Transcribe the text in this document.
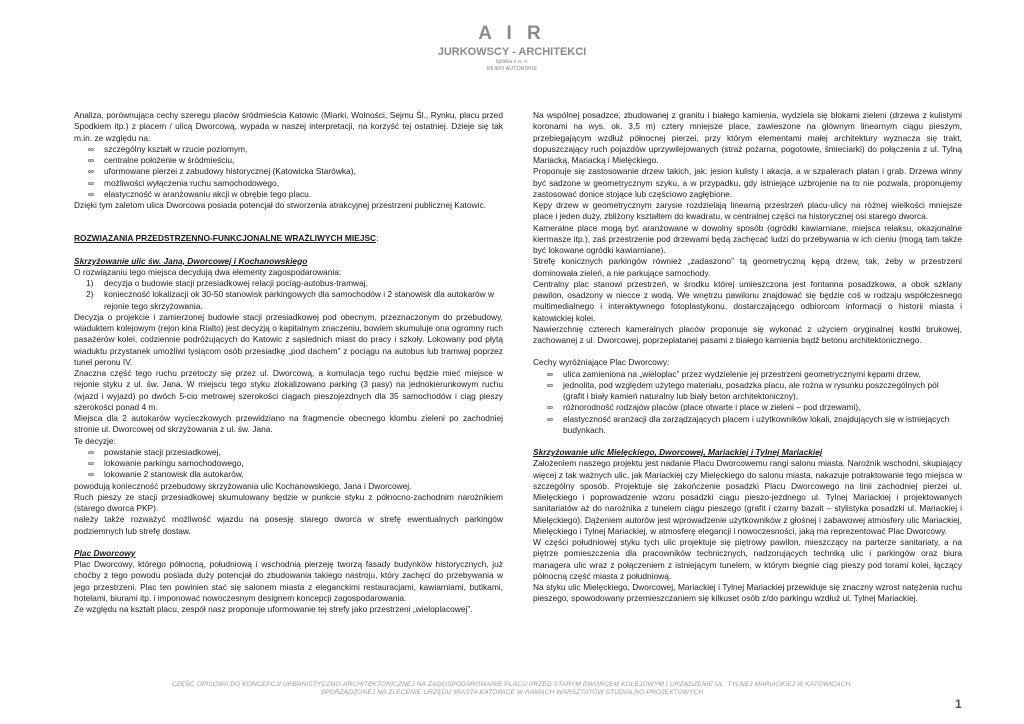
A I R
JURKOWSCY - ARCHITEKCI
Spółka z o. o.
BIURO AUTORSKIE

Analiza, porównująca cechy szeregu placów śródmieścia Katowic (Miarki, Wolności, Sejmu Śl., Rynku, placu przed Spodkiem itp.) z placem / ulicą Dworcową, wypada w naszej interpretacji, na korzyść tej ostatniej. Dzieje się tak m.in. ze względu na:

∞ szczególny kształt w rzucie poziomym,
∞ centralne położenie w śródmieściu,
∞ uformowane pierzei z zabudowy historycznej (Katowicka Starówka),
∞ możliwości wyłączenia ruchu samochodowego,
∞ elastyczność w aranżowaniu akcji w obrębie tego placu.

Dzięki tym zaletom ulica Dworcowa posiada potencjał do stworzenia atrakcyjnej przestrzeni publicznej Katowic.

ROZWIĄZANIA PRZEDSTRZENNO-FUNKCJONALNE WRAŻLIWYCH MIEJSC:

Skrzyżowanie ulic św. Jana, Dworcowej i Kochanowskiego

O rozwiązaniu tego miejsca decydują dwa elementy zagospodarowania:

1) decyzja o budowie stacji przesiadkowej relacji pociąg-autobus-tramwaj,
2) konieczność lokalizacji ok 30-50 stanowisk parkingowych dla samochodów i 2 stanowisk dla autokarów w rejonie tego skrzyżowania.

Decyzja o projekcie i zamierzonej budowie stacji przesiadkowej pod obecnym, przeznaczonym do przebudowy, wiaduktem kolejowym (rejon kina Rialto) jest decyzją o kapitalnym znaczeniu, bowiem skumuluje ona ogromny ruch pasażerów kolei, codziennie podróżujących do Katowic z sąsiednich miast do pracy i szkoły. Lokowany pod płytą wiaduktu przystanek umożliwi tysiącom osób przesiadkę „pod dachem” z pociągu na autobus lub tramwaj poprzez tunel peronu IV.

Znaczna część tego ruchu przetoczy się przez ul. Dworcową, a kumulacja tego ruchu będzie mieć miejsce w rejonie styku z ul. św. Jana. W miejscu tego styku zlokalizowano parking (3 pasy) na jednokierunkowym ruchu (wjazd i wyjazd) po dwóch 5-cio metrowej szerokości ciągach pieszojezdnych dla 35 samochodów i ciąg pieszy szerokości ponad 4 m.

Miejsca dla 2 autokarów wycieczkowych przewidziano na fragmencie obecnego klombu zieleni po zachodniej stronie ul. Dworcowej od skrzyżowania z ul. św. Jana.

Te decyzje:

∞ powstanie stacji przesiadkowej,
∞ lokowanie parkingu samochodowego,
∞ lokowanie 2 stanowisk dla autokarów,

powodują konieczność przebudowy skrzyżowania ulic Kochanowskiego, Jana i Dworcowej.

Ruch pieszy ze stacji przesiadkowej skumulowany będzie w punkcie styku z północno-zachodnim narożnikiem (starego dworca PKP).

należy także rozważyć możliwość wjazdu na posesję starego dworca w strefę ewentualnych parkingów podziemnych lub strefę dostaw.

Plac Dworcowy

Plac Dworcowy, którego północną, południową i wschodnią pierzeję tworzą fasady budynków historycznych, już choćby z tego powodu posiada duży potencjał do zbudowania takiego nastroju, który zachęci do przebywania w jego przestrzeni. Plac ten powinien stać się salonem miasta z eleganckimi restauracjami, kawiarniami, butikami, hotelami, biurami itp. i imponować nowoczesnym designem koncepcji zagospodarowania.

Ze względu na kształt placu, zespół nasz proponuje uformowanie tej strefy jako przestrzeni „wieloplacowej”.

Na wspólnej posadzce, zbudowanej z granitu i białego kamienia, wydziela się blokami zieleni (drzewa z kulistymi koronami na wys. ok. 3,5 m) cztery mniejsze place, zawieszone na głównym linearnym ciągu pieszym, przebiegającym wzdłuż północnej pierzei, przy którym elementami małej architektury wyznacza się trakt, dopuszczający ruch pojazdów uprzywilejowanych (straż pożarna, pogotowie, śmieciarki) do połączenia z ul. Tylną Mariacką, Mariacką i Mielęckiego.

Proponuje się zastosowanie drzew takich, jak: jesion kulisty i akacja, a w szpalerach platan i grab. Drzewa winny być sadzone w geometrycznym szyku, a w przypadku, gdy istniejące uzbrojenie na to nie pozwala, proponujemy zastosować donice stojące lub częściowo zagłębione.

Kępy drzew w geometrycznym zarysie rozdzielają linearną przestrzeń placu-ulicy na różnej wielkości mniejsze place i jeden duży, zbliżony kształtem do kwadratu, w centralnej części na historycznej osi starego dworca.

Kameralne place mogą być aranżowane w dowolny sposób (ogródki kawiarniane, miejsca relaksu, okazjonalne kiermasze itp.), zaś przestrzenie pod drzewami będą zachęcać ludzi do przebywania w ich cieniu (mogą tam także być lokowane ogródki kawiarniane).

Strefę konicznych parkingów również „zadaszono” tą geometryczną kępą drzew, tak, żeby w przestrzeni dominowała zieleń, a nie parkujące samochody.

Centralny plac stanowi przestrzeń, w środku której umieszczona jest fontanna posadzkowa, a obok szklany pawilon, osadzony w niecce z wodą. We wnętrzu pawilonu znajdować się będzie coś w rodzaju współczesnego multimedialnego i interaktywnego fotoplastykonu, dostarczającego odbiorcom informacji o historii miasta i katowickiej kolei.

Nawierzchnię czterech kameralnych placów proponuje się wykonać z użyciem oryginalnej kostki brukowej, zachowanej z ul. Dworcowej, poprzeplatanej pasami z białego kamienia bądź betonu architektonicznego.

Cechy wyróżniające Plac Dworcowy:

∞ ulica zamieniona na „wieloplac” przez wydzielenie jej przestrzeni geometrycznymi kępami drzew,
∞ jednolita, pod względem użytego materiału, posadzka placu, ale rożna w rysunku poszczególnych pól (grafit i biały kamień naturalny lub biały beton architektoniczny),
∞ różnorodność rodzajów placów (place otwarte i place w zieleni – pod drzewami),
∞ elastyczność aranżacji dla zarządzających placem i użytkowników lokali, znajdujących się w istniejących budynkach.

Skrzyżowanie ulic Mielęckiego, Dworcowej, Mariackiej i Tylnej Mariackiej

Założeniem naszego projektu jest nadanie Placu Dworcowemu rangi salonu miasta. Narożnik wschodni, skupiający więcej z tak ważnych ulic, jak Mariackiej czy Mielęckiego do salonu miasta, nakazuje potraktowanie tego miejsca w szczególny sposób. Projektuje się zakończenie posadzki Placu Dworcowego na linii zachodniej pierzei ul. Mielęckiego i poprowadzenie wzoru posadzki ciągu pieszo-jezdnego ul. Tylnej Mariackiej i projektowanych sanitariatów aż do narożnika z tunelem ciągu pieszego (grafit i czarny bazalt – stylistyka posadzki ul. Mariackiej i Mielęckiego). Dążeniem autorów jest wprowadzenie użytkowników z głośnej i zabawowej atmosfery ulic Mariackiej, Mielęckiego i Tylnej Mariackiej, w atmosferę elegancji i nowoczesności, jaką ma reprezentować Plac Dworcowy.

W części południowej styku tych ulic projektuje się piętrowy pawilon, mieszczący na parterze sanitariaty, a na piętrze pomieszczenia dla pracowników technicznych, nadzorujących techniką ulic i parkingów oraz biura managera ulic wraz z połączeniem z istniejącym tunelem, w którym biegnie ciąg pieszy pod torami kolei, łączący północną część miasta z południową.

Na styku ulic Mielęckiego, Dworcowej, Mariackiej i Tylnej Mariackiej przewiduje się znaczny wzrost natężenia ruchu pieszego, spowodowany przemieszczaniem się kilkuset osób z/do parkingu wzdłuż ul. Tylnej Mariackiej.

CZĘŚĆ OPISOWA DO KONCEPCJI URBANISTYCZNO-ARCHITEKTONICZNEJ NA ZAGOSPODAROWANIE PLACU PRZED STARYM DWORCEM KOLEJOWYM I URZĄDZENIE UL. TYLNEJ MARIACKIEJ W KATOWICACH,
SPORZĄDZONEJ NA ZLECENIE URZĘDU MIASTA KATOWICE W RAMACH WARSZTATÓW STUDIALNO-PROJEKTOWYCH
1
